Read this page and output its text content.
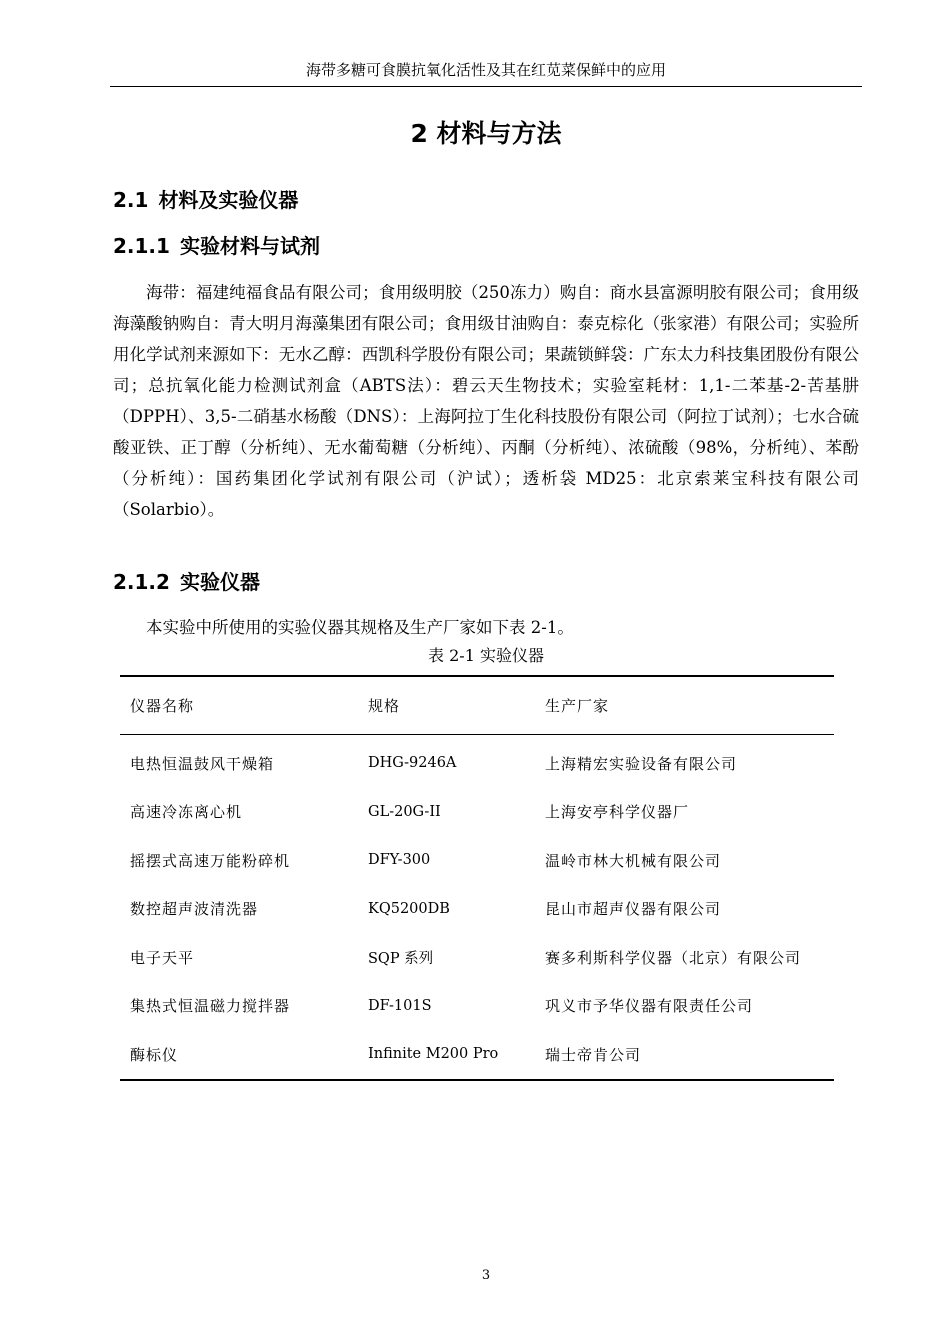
海带多糖可食膜抗氧化活性及其在红苋菜保鲜中的应用
2 材料与方法
2.1 材料及实验仪器
2.1.1 实验材料与试剂

海带：福建纯福食品有限公司；食用级明胶（250冻力）购自：商水县富源明胶有限公司；食用级海藻酸钠购自：青大明月海藻集团有限公司；食用级甘油购自：泰克棕化（张家港）有限公司；实验所用化学试剂来源如下：无水乙醇：西凯科学股份有限公司；果蔬锁鲜袋：广东太力科技集团股份有限公司；总抗氧化能力检测试剂盒（ABTS法）：碧云天生物技术；实验室耗材：1,1-二苯基-2-苦基肼（DPPH）、3,5-二硝基水杨酸（DNS）：上海阿拉丁生化科技股份有限公司（阿拉丁试剂）；七水合硫酸亚铁、正丁醇（分析纯）、无水葡萄糖（分析纯）、丙酮（分析纯）、浓硫酸（98%，分析纯）、苯酚（分析纯）：国药集团化学试剂有限公司（沪试）；透析袋 MD25：北京索莱宝科技有限公司（Solarbio）。

2.1.2 实验仪器

本实验中所使用的实验仪器其规格及生产厂家如下表 2-1。

表 2-1 实验仪器
仪器名称	规格	生产厂家
电热恒温鼓风干燥箱	DHG-9246A	上海精宏实验设备有限公司
高速冷冻离心机	GL-20G-II	上海安亭科学仪器厂
摇摆式高速万能粉碎机	DFY-300	温岭市林大机械有限公司
数控超声波清洗器	KQ5200DB	昆山市超声仪器有限公司
电子天平	SQP 系列	赛多利斯科学仪器（北京）有限公司
集热式恒温磁力搅拌器	DF-101S	巩义市予华仪器有限责任公司
酶标仪	Infinite M200 Pro	瑞士帝肯公司
3
